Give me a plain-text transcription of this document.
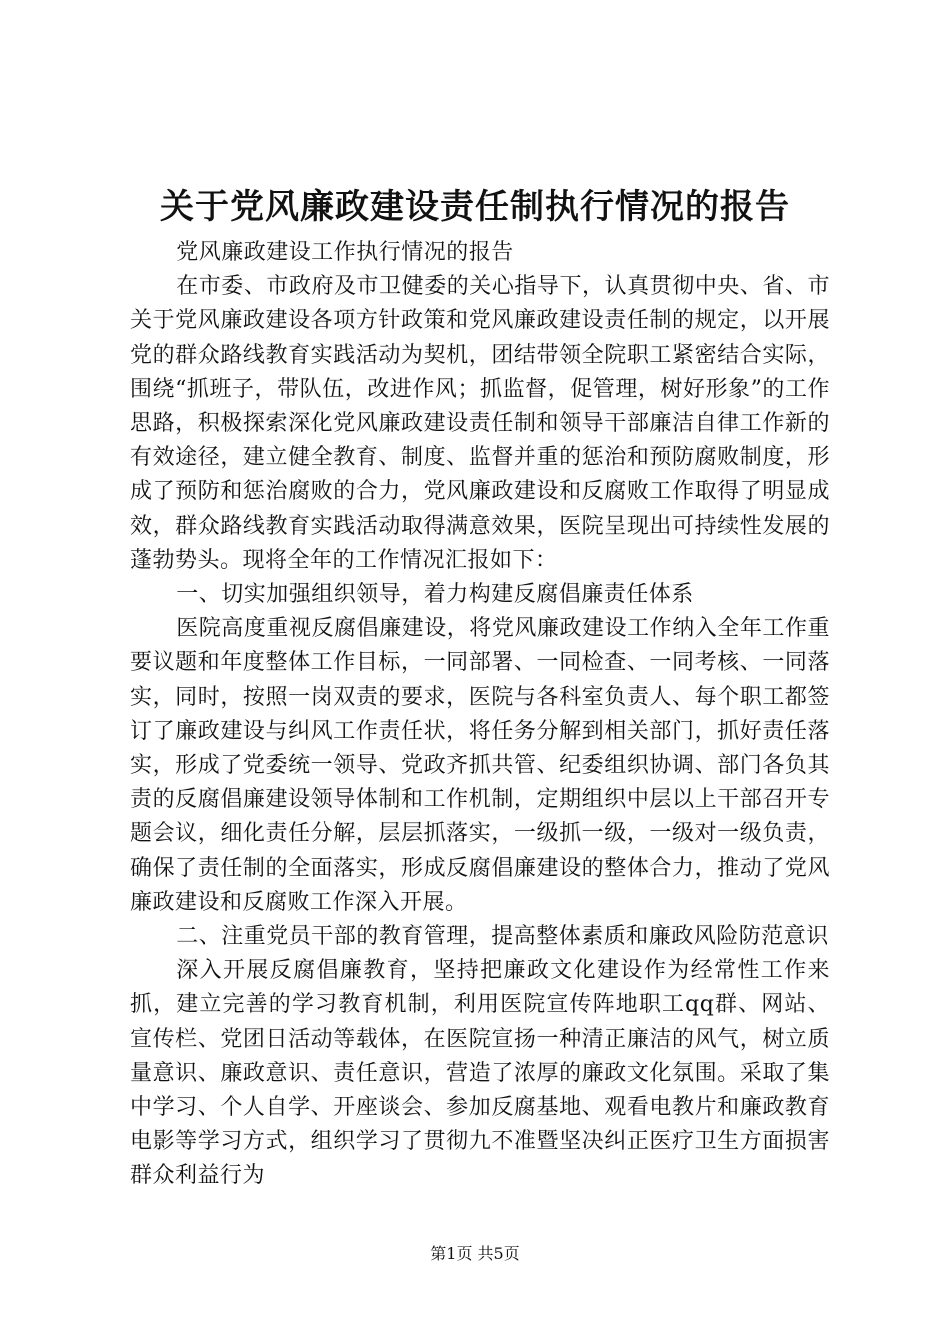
关于党风廉政建设责任制执行情况的报告

党风廉政建设工作执行情况的报告

在市委、市政府及市卫健委的关心指导下，认真贯彻中央、省、市关于党风廉政建设各项方针政策和党风廉政建设责任制的规定，以开展党的群众路线教育实践活动为契机，团结带领全院职工紧密结合实际，围绕“抓班子，带队伍，改进作风；抓监督，促管理，树好形象”的工作思路，积极探索深化党风廉政建设责任制和领导干部廉洁自律工作新的有效途径，建立健全教育、制度、监督并重的惩治和预防腐败制度，形成了预防和惩治腐败的合力，党风廉政建设和反腐败工作取得了明显成效，群众路线教育实践活动取得满意效果，医院呈现出可持续性发展的蓬勃势头。现将全年的工作情况汇报如下：

一、切实加强组织领导，着力构建反腐倡廉责任体系

医院高度重视反腐倡廉建设，将党风廉政建设工作纳入全年工作重要议题和年度整体工作目标，一同部署、一同检查、一同考核、一同落实，同时，按照一岗双责的要求，医院与各科室负责人、每个职工都签订了廉政建设与纠风工作责任状，将任务分解到相关部门，抓好责任落实，形成了党委统一领导、党政齐抓共管、纪委组织协调、部门各负其责的反腐倡廉建设领导体制和工作机制，定期组织中层以上干部召开专题会议，细化责任分解，层层抓落实，一级抓一级，一级对一级负责，确保了责任制的全面落实，形成反腐倡廉建设的整体合力，推动了党风廉政建设和反腐败工作深入开展。

二、注重党员干部的教育管理，提高整体素质和廉政风险防范意识

深入开展反腐倡廉教育，坚持把廉政文化建设作为经常性工作来抓，建立完善的学习教育机制，利用医院宣传阵地职工qq群、网站、宣传栏、党团日活动等载体，在医院宣扬一种清正廉洁的风气，树立质量意识、廉政意识、责任意识，营造了浓厚的廉政文化氛围。采取了集中学习、个人自学、开座谈会、参加反腐基地、观看电教片和廉政教育电影等学习方式，组织学习了贯彻九不准暨坚决纠正医疗卫生方面损害群众利益行为

第1页 共5页
